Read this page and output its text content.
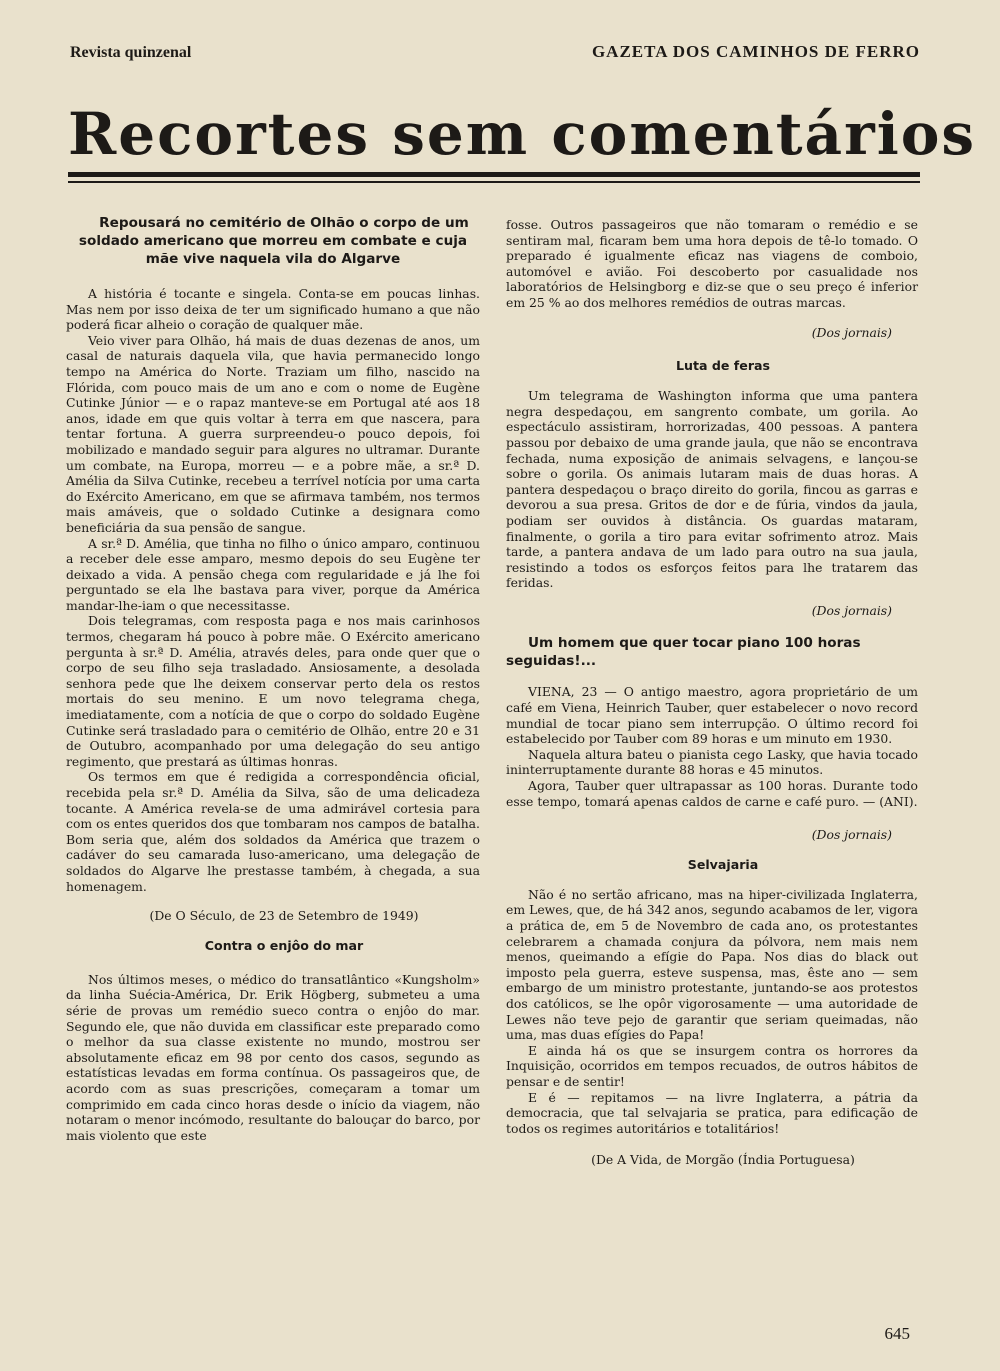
Revista quinzenal	GAZETA DOS CAMINHOS DE FERRO
Recortes sem comentários

Repousará no cemitério de Olhão o corpo de um soldado americano que morreu em combate e cuja mãe vive naquela vila do Algarve

A história é tocante e singela. Conta-se em poucas linhas. Mas nem por isso deixa de ter um significado humano a que não poderá ficar alheio o coração de qualquer mãe.

Veio viver para Olhão, há mais de duas dezenas de anos, um casal de naturais daquela vila, que havia permanecido longo tempo na América do Norte. Traziam um filho, nascido na Flórida, com pouco mais de um ano e com o nome de Eugène Cutinke Júnior — e o rapaz manteve-se em Portugal até aos 18 anos, idade em que quis voltar à terra em que nascera, para tentar fortuna. A guerra surpreendeu-o pouco depois, foi mobilizado e mandado seguir para algures no ultramar. Durante um combate, na Europa, morreu — e a pobre mãe, a sr.ª D. Amélia da Silva Cutinke, recebeu a terrível notícia por uma carta do Exército Americano, em que se afirmava também, nos termos mais amáveis, que o soldado Cutinke a designara como beneficiária da sua pensão de sangue.

A sr.ª D. Amélia, que tinha no filho o único amparo, continuou a receber dele esse amparo, mesmo depois do seu Eugène ter deixado a vida. A pensão chega com regularidade e já lhe foi perguntado se ela lhe bastava para viver, porque da América mandar-lhe-iam o que necessitasse.

Dois telegramas, com resposta paga e nos mais carinhosos termos, chegaram há pouco à pobre mãe. O Exército americano pergunta à sr.ª D. Amélia, através deles, para onde quer que o corpo de seu filho seja trasladado. Ansiosamente, a desolada senhora pede que lhe deixem conservar perto dela os restos mortais do seu menino. E um novo telegrama chega, imediatamente, com a notícia de que o corpo do soldado Eugène Cutinke será trasladado para o cemitério de Olhão, entre 20 e 31 de Outubro, acompanhado por uma delegação do seu antigo regimento, que prestará as últimas honras.

Os termos em que é redigida a correspondência oficial, recebida pela sr.ª D. Amélia da Silva, são de uma delicadeza tocante. A América revela-se de uma admirável cortesia para com os entes queridos dos que tombaram nos campos de batalha. Bom seria que, além dos soldados da América que trazem o cadáver do seu camarada luso-americano, uma delegação de soldados do Algarve lhe prestasse também, à chegada, a sua homenagem.

(De O Século, de 23 de Setembro de 1949)

Contra o enjôo do mar

Nos últimos meses, o médico do transatlântico «Kungsholm» da linha Suécia-América, Dr. Erik Högberg, submeteu a uma série de provas um remédio sueco contra o enjôo do mar. Segundo ele, que não duvida em classificar este preparado como o melhor da sua classe existente no mundo, mostrou ser absolutamente eficaz em 98 por cento dos casos, segundo as estatísticas levadas em forma contínua. Os passageiros que, de acordo com as suas prescrições, começaram a tomar um comprimido em cada cinco horas desde o início da viagem, não notaram o menor incómodo, resultante do balouçar do barco, por mais violento que este

fosse. Outros passageiros que não tomaram o remédio e se sentiram mal, ficaram bem uma hora depois de tê-lo tomado. O preparado é igualmente eficaz nas viagens de comboio, automóvel e avião. Foi descoberto por casualidade nos laboratórios de Helsingborg e diz-se que o seu preço é inferior em 25 % ao dos melhores remédios de outras marcas.

(Dos jornais)

Luta de feras

Um telegrama de Washington informa que uma pantera negra despedaçou, em sangrento combate, um gorila. Ao espectáculo assistiram, horrorizadas, 400 pessoas. A pantera passou por debaixo de uma grande jaula, que não se encontrava fechada, numa exposição de animais selvagens, e lançou-se sobre o gorila. Os animais lutaram mais de duas horas. A pantera despedaçou o braço direito do gorila, fincou as garras e devorou a sua presa. Gritos de dor e de fúria, vindos da jaula, podiam ser ouvidos à distância. Os guardas mataram, finalmente, o gorila a tiro para evitar sofrimento atroz. Mais tarde, a pantera andava de um lado para outro na sua jaula, resistindo a todos os esforços feitos para lhe tratarem das feridas.

(Dos jornais)

Um homem que quer tocar piano 100 horas seguidas!...

VIENA, 23 — O antigo maestro, agora proprietário de um café em Viena, Heinrich Tauber, quer estabelecer o novo record mundial de tocar piano sem interrupção. O último record foi estabelecido por Tauber com 89 horas e um minuto em 1930.

Naquela altura bateu o pianista cego Lasky, que havia tocado ininterruptamente durante 88 horas e 45 minutos.

Agora, Tauber quer ultrapassar as 100 horas. Durante todo esse tempo, tomará apenas caldos de carne e café puro. — (ANI).

(Dos jornais)

Selvajaria

Não é no sertão africano, mas na hiper-civilizada Inglaterra, em Lewes, que, de há 342 anos, segundo acabamos de ler, vigora a prática de, em 5 de Novembro de cada ano, os protestantes celebrarem a chamada conjura da pólvora, nem mais nem menos, queimando a efígie do Papa. Nos dias do black out imposto pela guerra, esteve suspensa, mas, êste ano — sem embargo de um ministro protestante, juntando-se aos protestos dos católicos, se lhe opôr vigorosamente — uma autoridade de Lewes não teve pejo de garantir que seriam queimadas, não uma, mas duas efígies do Papa!

E ainda há os que se insurgem contra os horrores da Inquisição, ocorridos em tempos recuados, de outros hábitos de pensar e de sentir!

E é — repitamos — na livre Inglaterra, a pátria da democracia, que tal selvajaria se pratica, para edificação de todos os regimes autoritários e totalitários!

(De A Vida, de Morgão (Índia Portuguesa)

645
